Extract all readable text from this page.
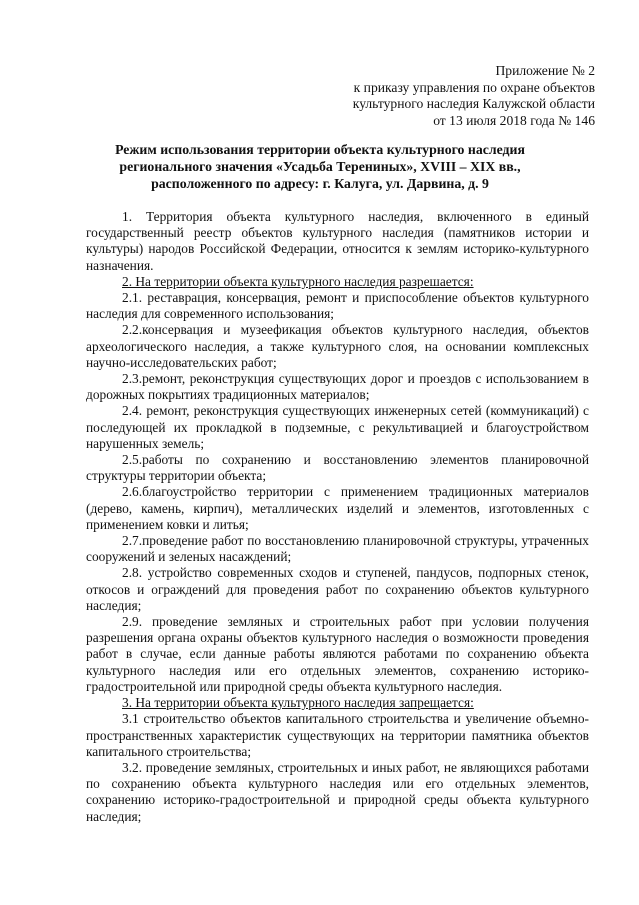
Приложение № 2
к приказу управления по охране объектов
культурного наследия Калужской области
от 13 июля 2018 года № 146
Режим использования территории объекта культурного наследия
регионального значения «Усадьба Терениных», XVIII – XIX вв.,
расположенного по адресу: г. Калуга, ул. Дарвина, д. 9

1. Территория объекта культурного наследия, включенного в единый государственный реестр объектов культурного наследия (памятников истории и культуры) народов Российской Федерации, относится к землям историко-культурного назначения.

2. На территории объекта культурного наследия разрешается:

2.1. реставрация, консервация, ремонт и приспособление объектов культурного наследия для современного использования;

2.2.консервация и музеефикация объектов культурного наследия, объектов археологического наследия, а также культурного слоя, на основании комплексных научно-исследовательских работ;

2.3.ремонт, реконструкция существующих дорог и проездов с использованием в дорожных покрытиях традиционных материалов;

2.4. ремонт, реконструкция существующих инженерных сетей (коммуникаций) с последующей их прокладкой в подземные, с рекультивацией и благоустройством нарушенных земель;

2.5.работы по сохранению и восстановлению элементов планировочной структуры территории объекта;

2.6.благоустройство территории с применением традиционных материалов (дерево, камень, кирпич), металлических изделий и элементов, изготовленных с применением ковки и литья;

2.7.проведение работ по восстановлению планировочной структуры, утраченных сооружений и зеленых насаждений;

2.8. устройство современных сходов и ступеней, пандусов, подпорных стенок, откосов и ограждений для проведения работ по сохранению объектов культурного наследия;

2.9. проведение земляных и строительных работ при условии получения разрешения органа охраны объектов культурного наследия о возможности проведения работ в случае, если данные работы являются работами по сохранению объекта культурного наследия или его отдельных элементов, сохранению историко-градостроительной или природной среды объекта культурного наследия.

3. На территории объекта культурного наследия запрещается:

3.1 строительство объектов капитального строительства и увеличение объемно-пространственных характеристик существующих на территории памятника объектов капитального строительства;

3.2. проведение земляных, строительных и иных работ, не являющихся работами по сохранению объекта культурного наследия или его отдельных элементов, сохранению историко-градостроительной и природной среды объекта культурного наследия;
